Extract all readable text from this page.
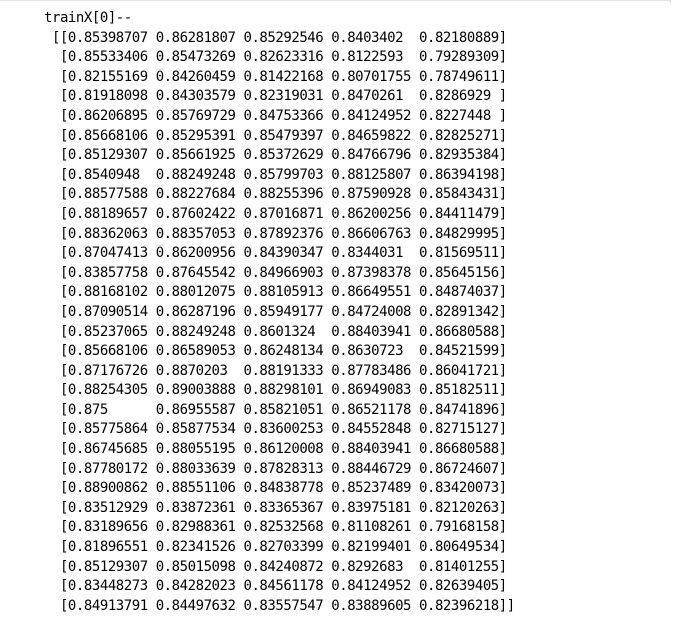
trainX[0]--
[[0.85398707 0.86281807 0.85292546 0.8403402  0.82180889]
[0.85533406 0.85473269 0.82623316 0.8122593  0.79289309]
[0.82155169 0.84260459 0.81422168 0.80701755 0.78749611]
[0.81918098 0.84303579 0.82319031 0.8470261  0.8286929 ]
[0.86206895 0.85769729 0.84753366 0.84124952 0.8227448 ]
[0.85668106 0.85295391 0.85479397 0.84659822 0.82825271]
[0.85129307 0.85661925 0.85372629 0.84766796 0.82935384]
[0.8540948  0.88249248 0.85799703 0.88125807 0.86394198]
[0.88577588 0.88227684 0.88255396 0.87590928 0.85843431]
[0.88189657 0.87602422 0.87016871 0.86200256 0.84411479]
[0.88362063 0.88357053 0.87892376 0.86606763 0.84829995]
[0.87047413 0.86200956 0.84390347 0.8344031  0.81569511]
[0.83857758 0.87645542 0.84966903 0.87398378 0.85645156]
[0.88168102 0.88012075 0.88105913 0.86649551 0.84874037]
[0.87090514 0.86287196 0.85949177 0.84724008 0.82891342]
[0.85237065 0.88249248 0.8601324  0.88403941 0.86680588]
[0.85668106 0.86589053 0.86248134 0.8630723  0.84521599]
[0.87176726 0.8870203  0.88191333 0.87783486 0.86041721]
[0.88254305 0.89003888 0.88298101 0.86949083 0.85182511]
[0.875      0.86955587 0.85821051 0.86521178 0.84741896]
[0.85775864 0.85877534 0.83600253 0.84552848 0.82715127]
[0.86745685 0.88055195 0.86120008 0.88403941 0.86680588]
[0.87780172 0.88033639 0.87828313 0.88446729 0.86724607]
[0.88900862 0.88551106 0.84838778 0.85237489 0.83420073]
[0.83512929 0.83872361 0.83365367 0.83975181 0.82120263]
[0.83189656 0.82988361 0.82532568 0.81108261 0.79168158]
[0.81896551 0.82341526 0.82703399 0.82199401 0.80649534]
[0.85129307 0.85015098 0.84240872 0.8292683  0.81401255]
[0.83448273 0.84282023 0.84561178 0.84124952 0.82639405]
[0.84913791 0.84497632 0.83557547 0.83889605 0.82396218]]
